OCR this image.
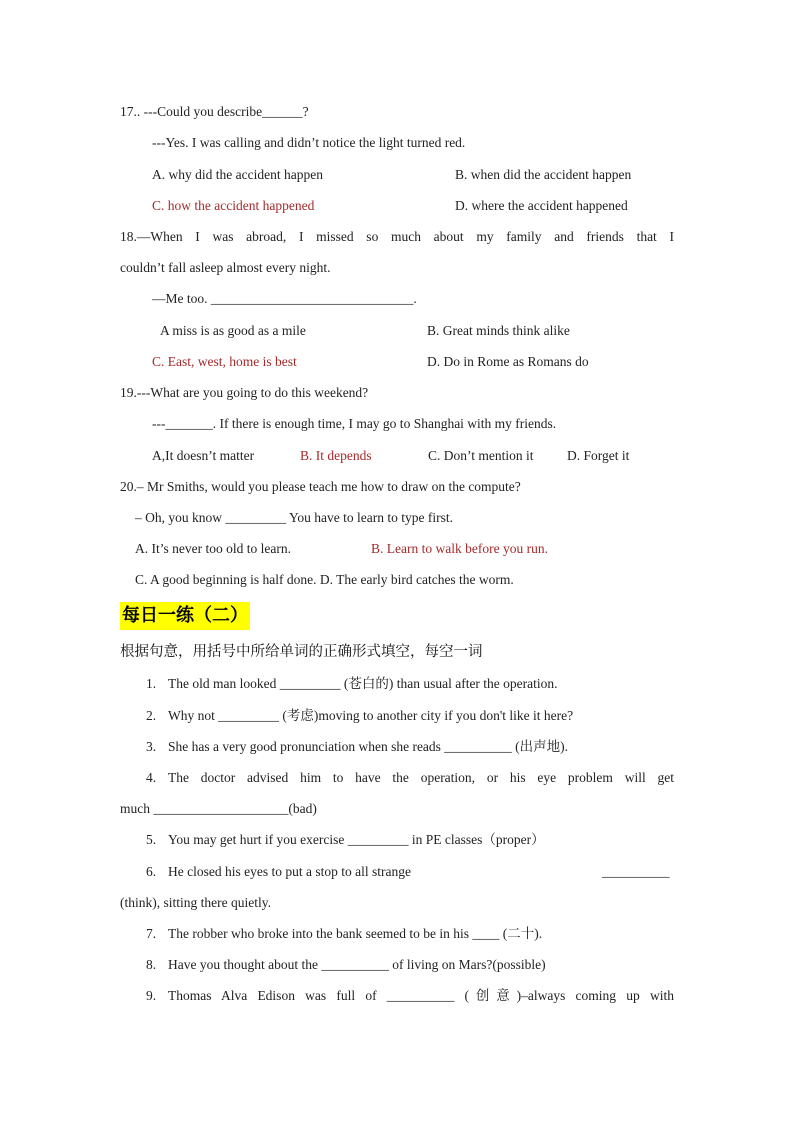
17.. ---Could you describe______?
---Yes. I was calling and didn’t notice the light turned red.
A. why did the accident happen	B. when did the accident happen
C. how the accident happened	D. where the accident happened
18.—When I was abroad, I missed so much about my family and friends that I
couldn’t fall asleep almost every night.
—Me too. ______________________________.
A miss is as good as a mile	B. Great minds think alike
C. East, west, home is best	D. Do in Rome as Romans do
19.---What are you going to do this weekend?
---_______. If there is enough time, I may go to Shanghai with my friends.
A,It doesn’t matter	B. It depends	C. Don’t mention it D. Forget it
20.– Mr Smiths, would you please teach me how to draw on the compute?
– Oh, you know _________ You have to learn to type first.
A. It’s never too old to learn.	B. Learn to walk before you run.
C. A good beginning is half done. D. The early bird catches the worm.
每日一练（二）
根据句意，用括号中所给单词的正确形式填空，每空一词
1. The old man looked _________ (苍白的) than usual after the operation.
2. Why not _________ (考虑)moving to another city if you don't like it here?
3. She has a very good pronunciation when she reads __________ (出声地).
4. The doctor advised him to have the operation, or his eye problem will get
much ____________________(bad)
5. You may get hurt if you exercise _________ in PE classes（proper）
6. He closed his eyes to put a stop to all strange	__________
(think), sitting there quietly.
7. The robber who broke into the bank seemed to be in his ____ (二十).
8. Have you thought about the __________ of living on Mars?(possible)
9. Thomas Alva Edison was full of __________ (创意)–always coming up with
